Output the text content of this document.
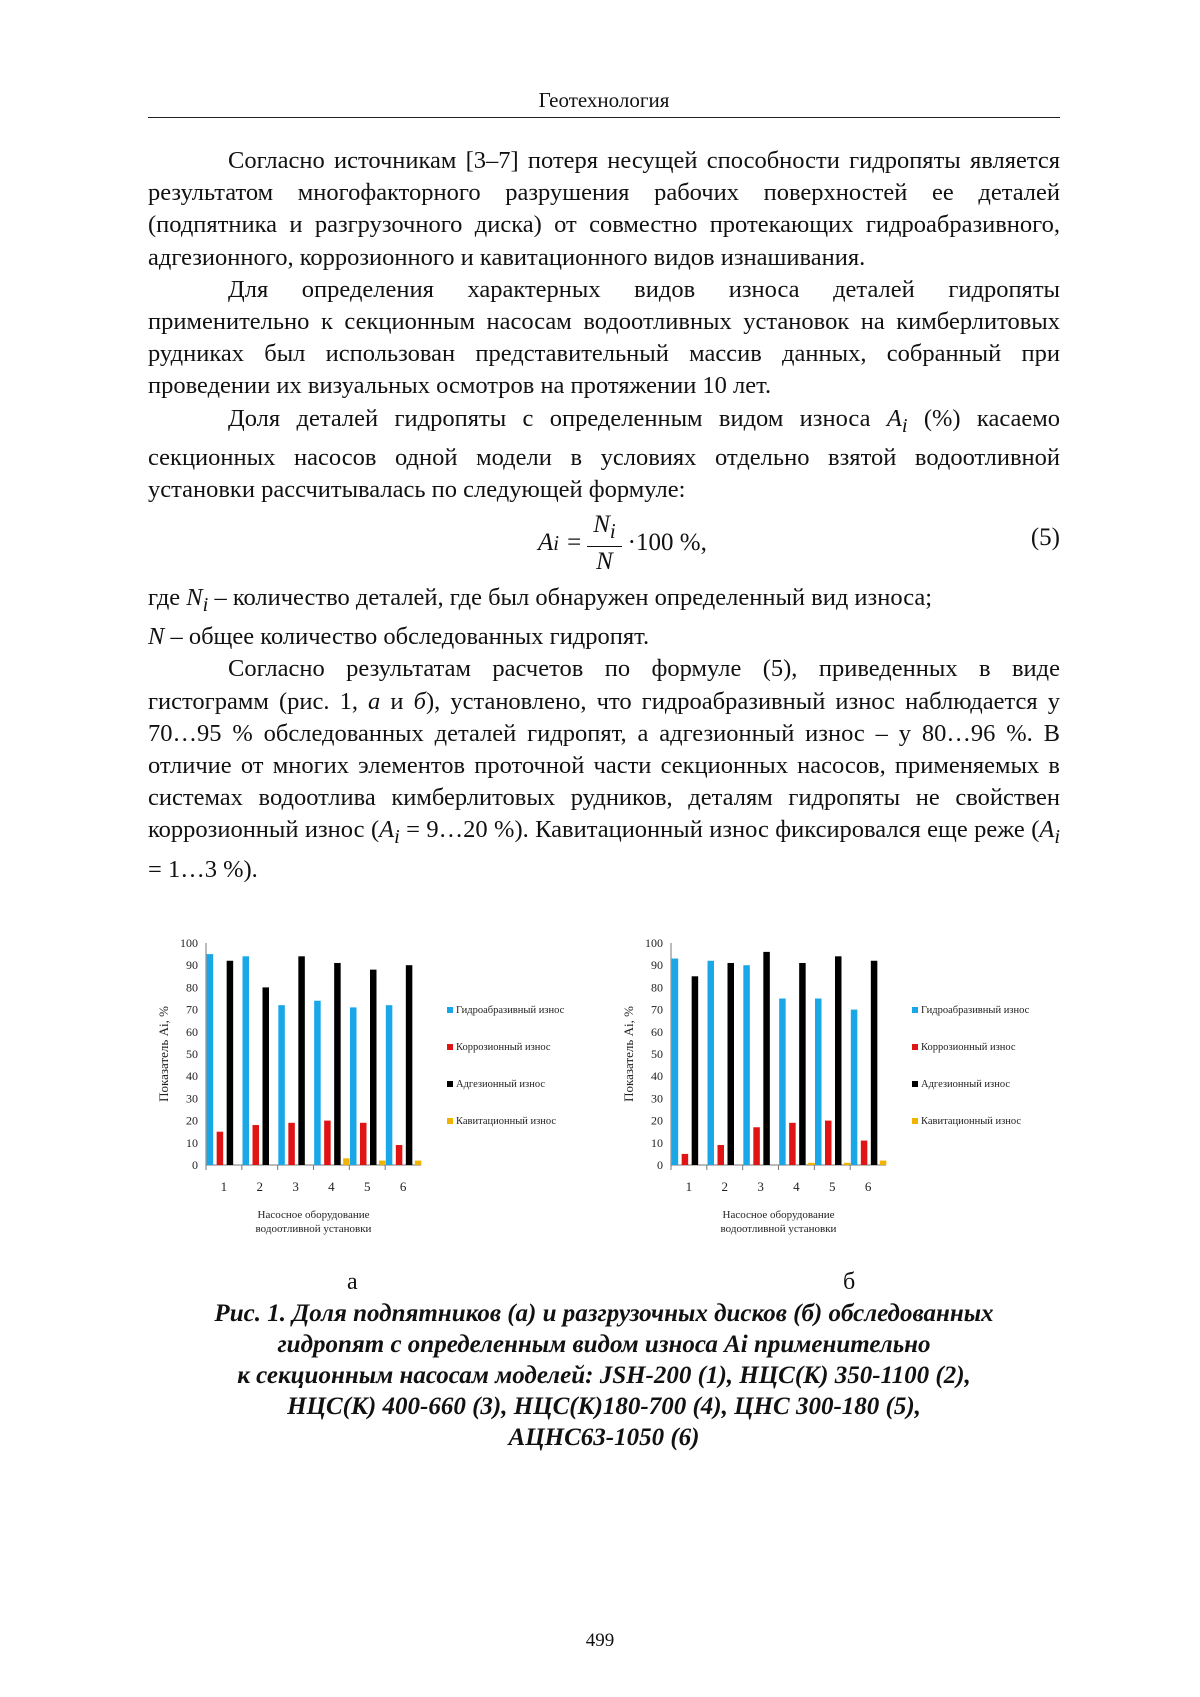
Геотехнология

Согласно источникам [3–7] потеря несущей способности гидропяты является результатом многофакторного разрушения рабочих поверхностей ее деталей (подпятника и разгрузочного диска) от совместно протекающих гидроабразивного, адгезионного, коррозионного и кавитационного видов изнашивания.

Для определения характерных видов износа деталей гидропяты применительно к секционным насосам водоотливных установок на кимберлитовых рудниках был использован представительный массив данных, собранный при проведении их визуальных осмотров на протяжении 10 лет.

Доля деталей гидропяты с определенным видом износа $A_i$ (%) касаемо секционных насосов одной модели в условиях отдельно взятой водоотливной установки рассчитывалась по следующей формуле:

A $i = \frac{N_i}{N} \cdot 100$ %,	(5)

где $N_i$ – количество деталей, где был обнаружен определенный вид износа;

N – общее количество обследованных гидропят.

Согласно результатам расчетов по формуле (5), приведенных в виде гистограмм (рис. 1, а и б), установлено, что гидроабразивный износ наблюдается у 70…95 % обследованных деталей гидропят, а адгезионный износ – у 80…96 %. В отличие от многих элементов проточной части секционных насосов, применяемых в системах водоотлива кимберлитовых рудников, деталям гидропяты не свойствен коррозионный износ ($A_i$ = 9…20 %). Кавитационный износ фиксировался еще реже ($A_i$ = 1…3 %).

0
10
20
30
40
50
60
70
80
90
100
Показатель Ai, %
1 2 3 4 5 6
Насосное оборудование
водоотливной установки
Гидроабразивный износ
Коррозионный износ
Адгезионный износ
Кавитационный износ
0
10
20
30
40
50
60
70
80
90
100
Показатель Ai, %
1 2 3 4 5 6
Насосное оборудование
водоотливной установки
Гидроабразивный износ
Коррозионный износ
Адгезионный износ
Кавитационный износ
а	б
Рис. 1. Доля подпятников (а) и разгрузочных дисков (б) обследованных
гидропят с определенным видом износа Ai применительно
к секционным насосам моделей: JSH-200 (1), НЦС(К) 350-1100 (2),
НЦС(К) 400-660 (3), НЦС(К)180-700 (4), ЦНС 300-180 (5),
АЦНС63-1050 (6)
499
